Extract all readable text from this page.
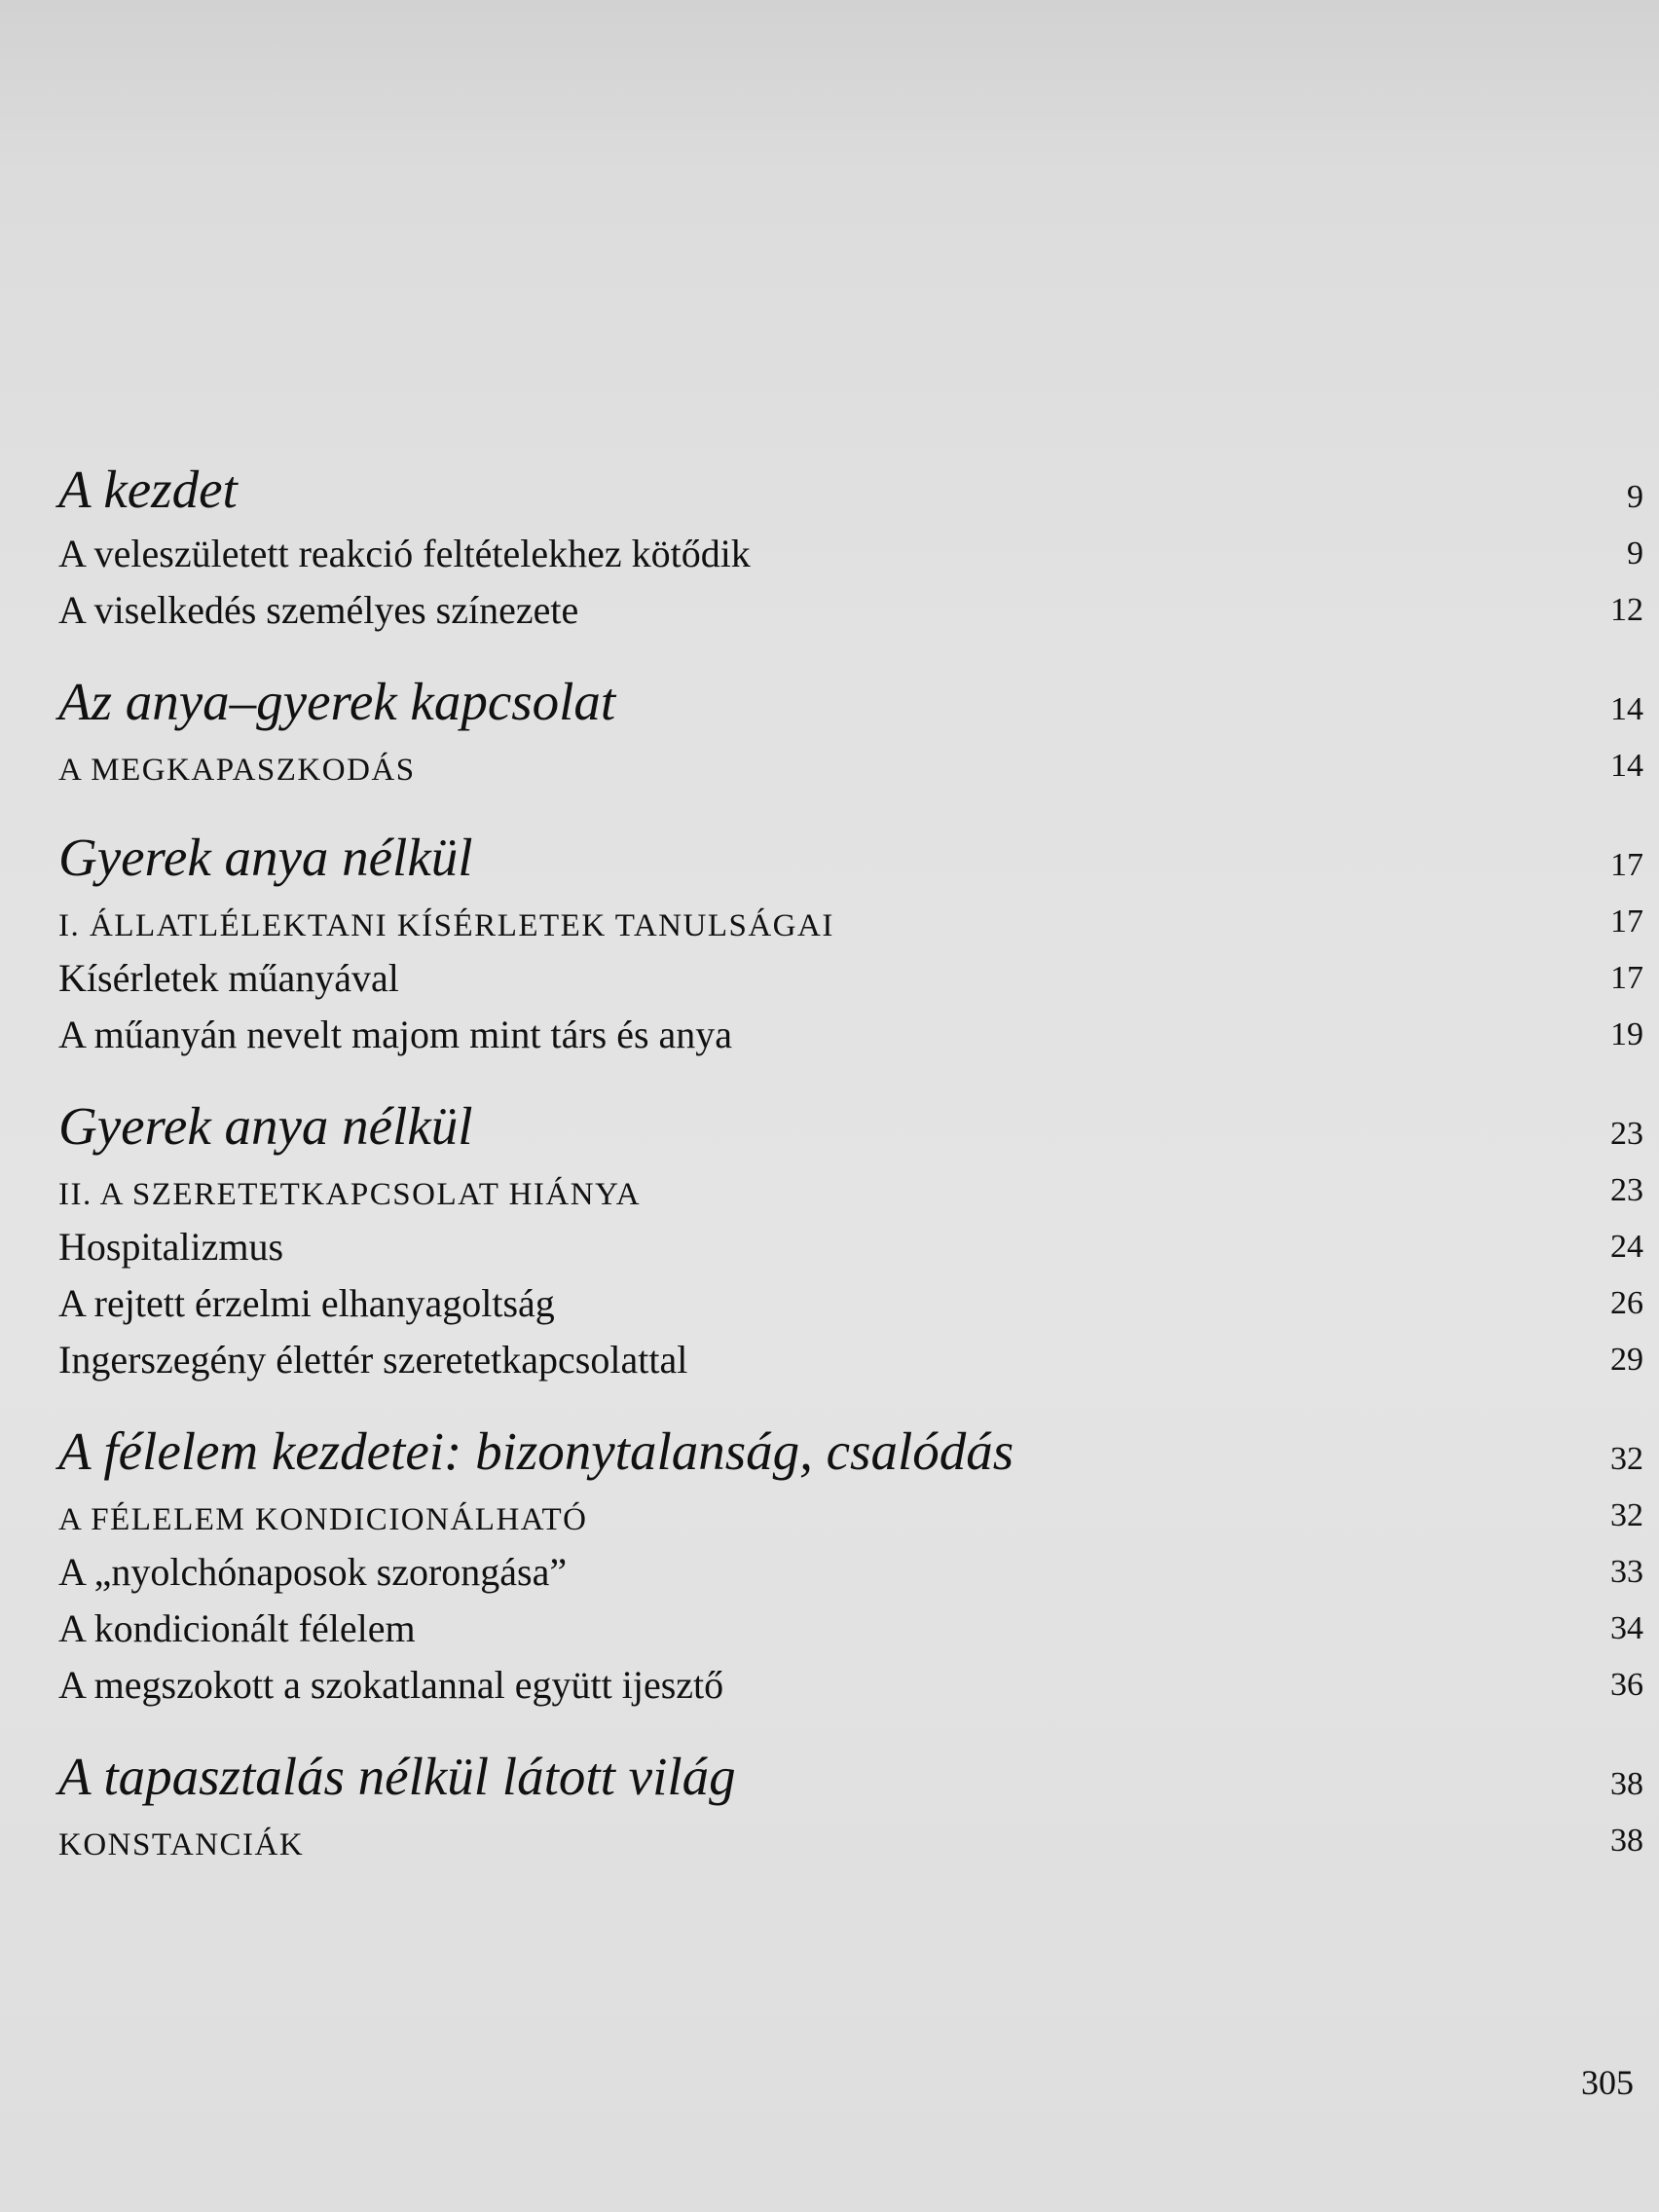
A kezdet	9
A veleszületett reakció feltételekhez kötődik	9
A viselkedés személyes színezete	12
Az anya–gyerek kapcsolat	14
A MEGKAPASZKODÁS	14
Gyerek anya nélkül	17
I. ÁLLATLÉLEKTANI KÍSÉRLETEK TANULSÁGAI	17
Kísérletek műanyával	17
A műanyán nevelt majom mint társ és anya	19
Gyerek anya nélkül	23
II. A SZERETETKAPCSOLAT HIÁNYA	23
Hospitalizmus	24
A rejtett érzelmi elhanyagoltság	26
Ingerszegény élettér szeretetkapcsolattal	29
A félelem kezdetei: bizonytalanság, csalódás	32
A FÉLELEM KONDICIONÁLHATÓ	32
A „nyolchónaposok szorongása”	33
A kondicionált félelem	34
A megszokott a szokatlannal együtt ijesztő	36
A tapasztalás nélkül látott világ	38
KONSTANCIÁK	38
305
